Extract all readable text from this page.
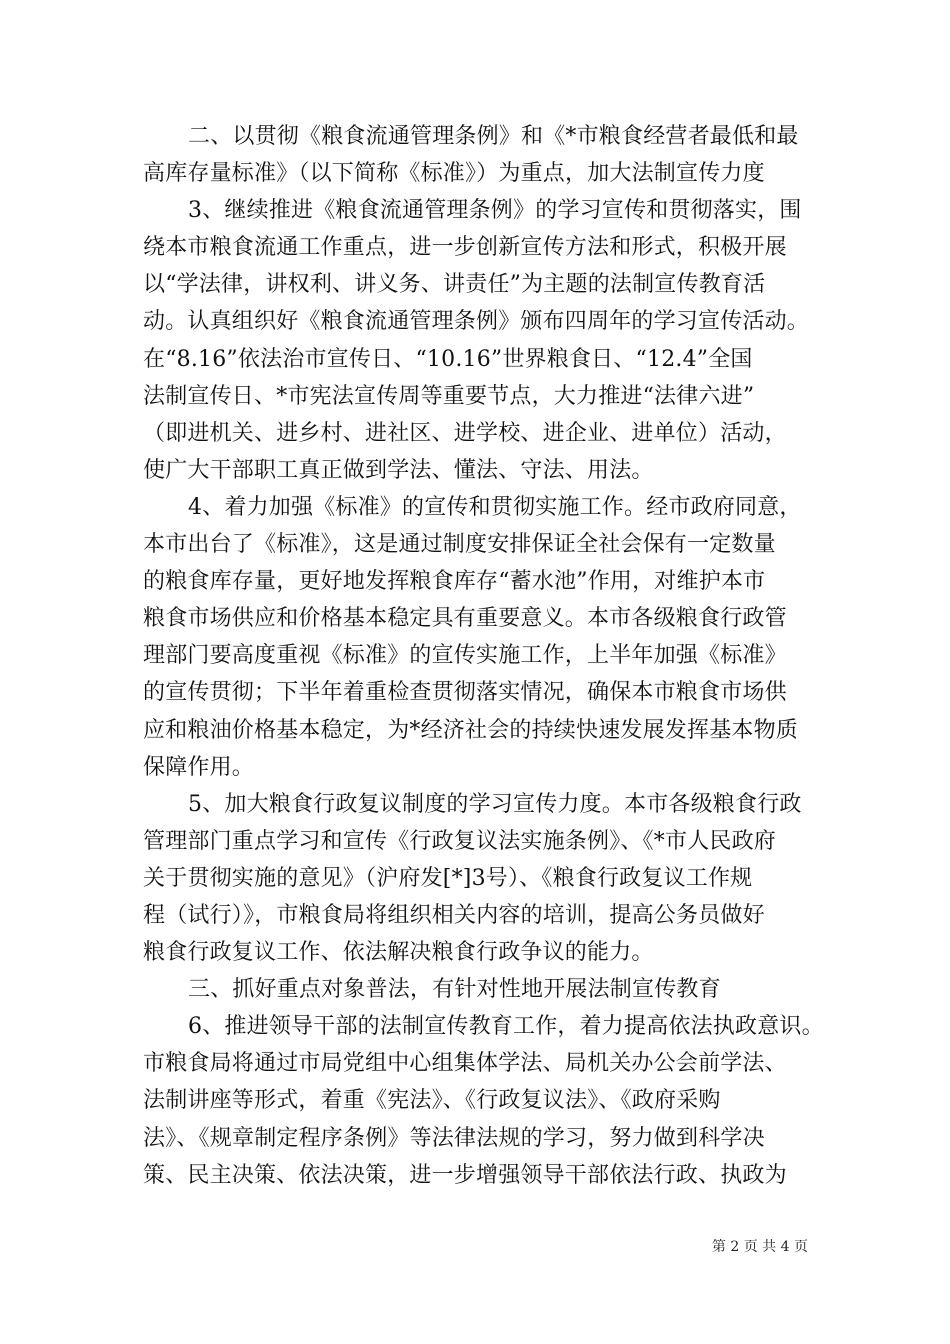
二、以贯彻《粮食流通管理条例》和《*市粮食经营者最低和最
高库存量标准》（以下简称《标准》）为重点，加大法制宣传力度
3、继续推进《粮食流通管理条例》的学习宣传和贯彻落实，围
绕本市粮食流通工作重点，进一步创新宣传方法和形式，积极开展
以“学法律，讲权利、讲义务、讲责任”为主题的法制宣传教育活
动。认真组织好《粮食流通管理条例》颁布四周年的学习宣传活动。
在“8.16”依法治市宣传日、“10.16”世界粮食日、“12.4”全国
法制宣传日、*市宪法宣传周等重要节点，大力推进“法律六进”
（即进机关、进乡村、进社区、进学校、进企业、进单位）活动，
使广大干部职工真正做到学法、懂法、守法、用法。
4、着力加强《标准》的宣传和贯彻实施工作。经市政府同意，
本市出台了《标准》，这是通过制度安排保证全社会保有一定数量
的粮食库存量，更好地发挥粮食库存“蓄水池”作用，对维护本市
粮食市场供应和价格基本稳定具有重要意义。本市各级粮食行政管
理部门要高度重视《标准》的宣传实施工作，上半年加强《标准》
的宣传贯彻；下半年着重检查贯彻落实情况，确保本市粮食市场供
应和粮油价格基本稳定，为*经济社会的持续快速发展发挥基本物质
保障作用。
5、加大粮食行政复议制度的学习宣传力度。本市各级粮食行政
管理部门重点学习和宣传《行政复议法实施条例》、《*市人民政府
关于贯彻实施的意见》（沪府发[*]3号）、《粮食行政复议工作规
程（试行）》，市粮食局将组织相关内容的培训，提高公务员做好
粮食行政复议工作、依法解决粮食行政争议的能力。
三、抓好重点对象普法，有针对性地开展法制宣传教育
6、推进领导干部的法制宣传教育工作，着力提高依法执政意识。
市粮食局将通过市局党组中心组集体学法、局机关办公会前学法、
法制讲座等形式，着重《宪法》、《行政复议法》、《政府采购
法》、《规章制定程序条例》等法律法规的学习，努力做到科学决
策、民主决策、依法决策，进一步增强领导干部依法行政、执政为
第 2 页 共 4 页
